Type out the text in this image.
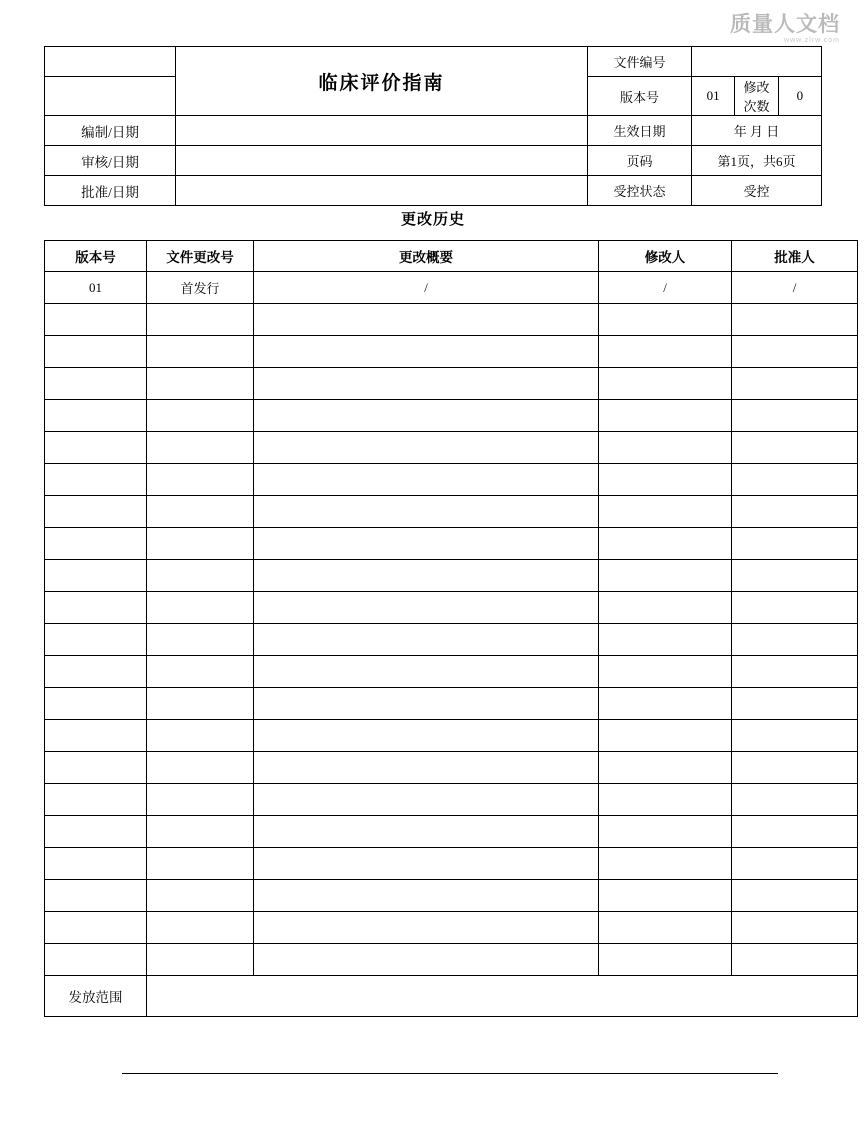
质量人文档
www.zlrw.com
	临床评价指南	文件编号			
		版本号	01	修改次数	0
编制/日期		生效日期	年 月 日		
审核/日期		页码	第1页，共6页		
批准/日期		受控状态	受控		
更改历史
版本号	文件更改号	更改概要	修改人	批准人
01	首发行	/	/	/

发放范围				
